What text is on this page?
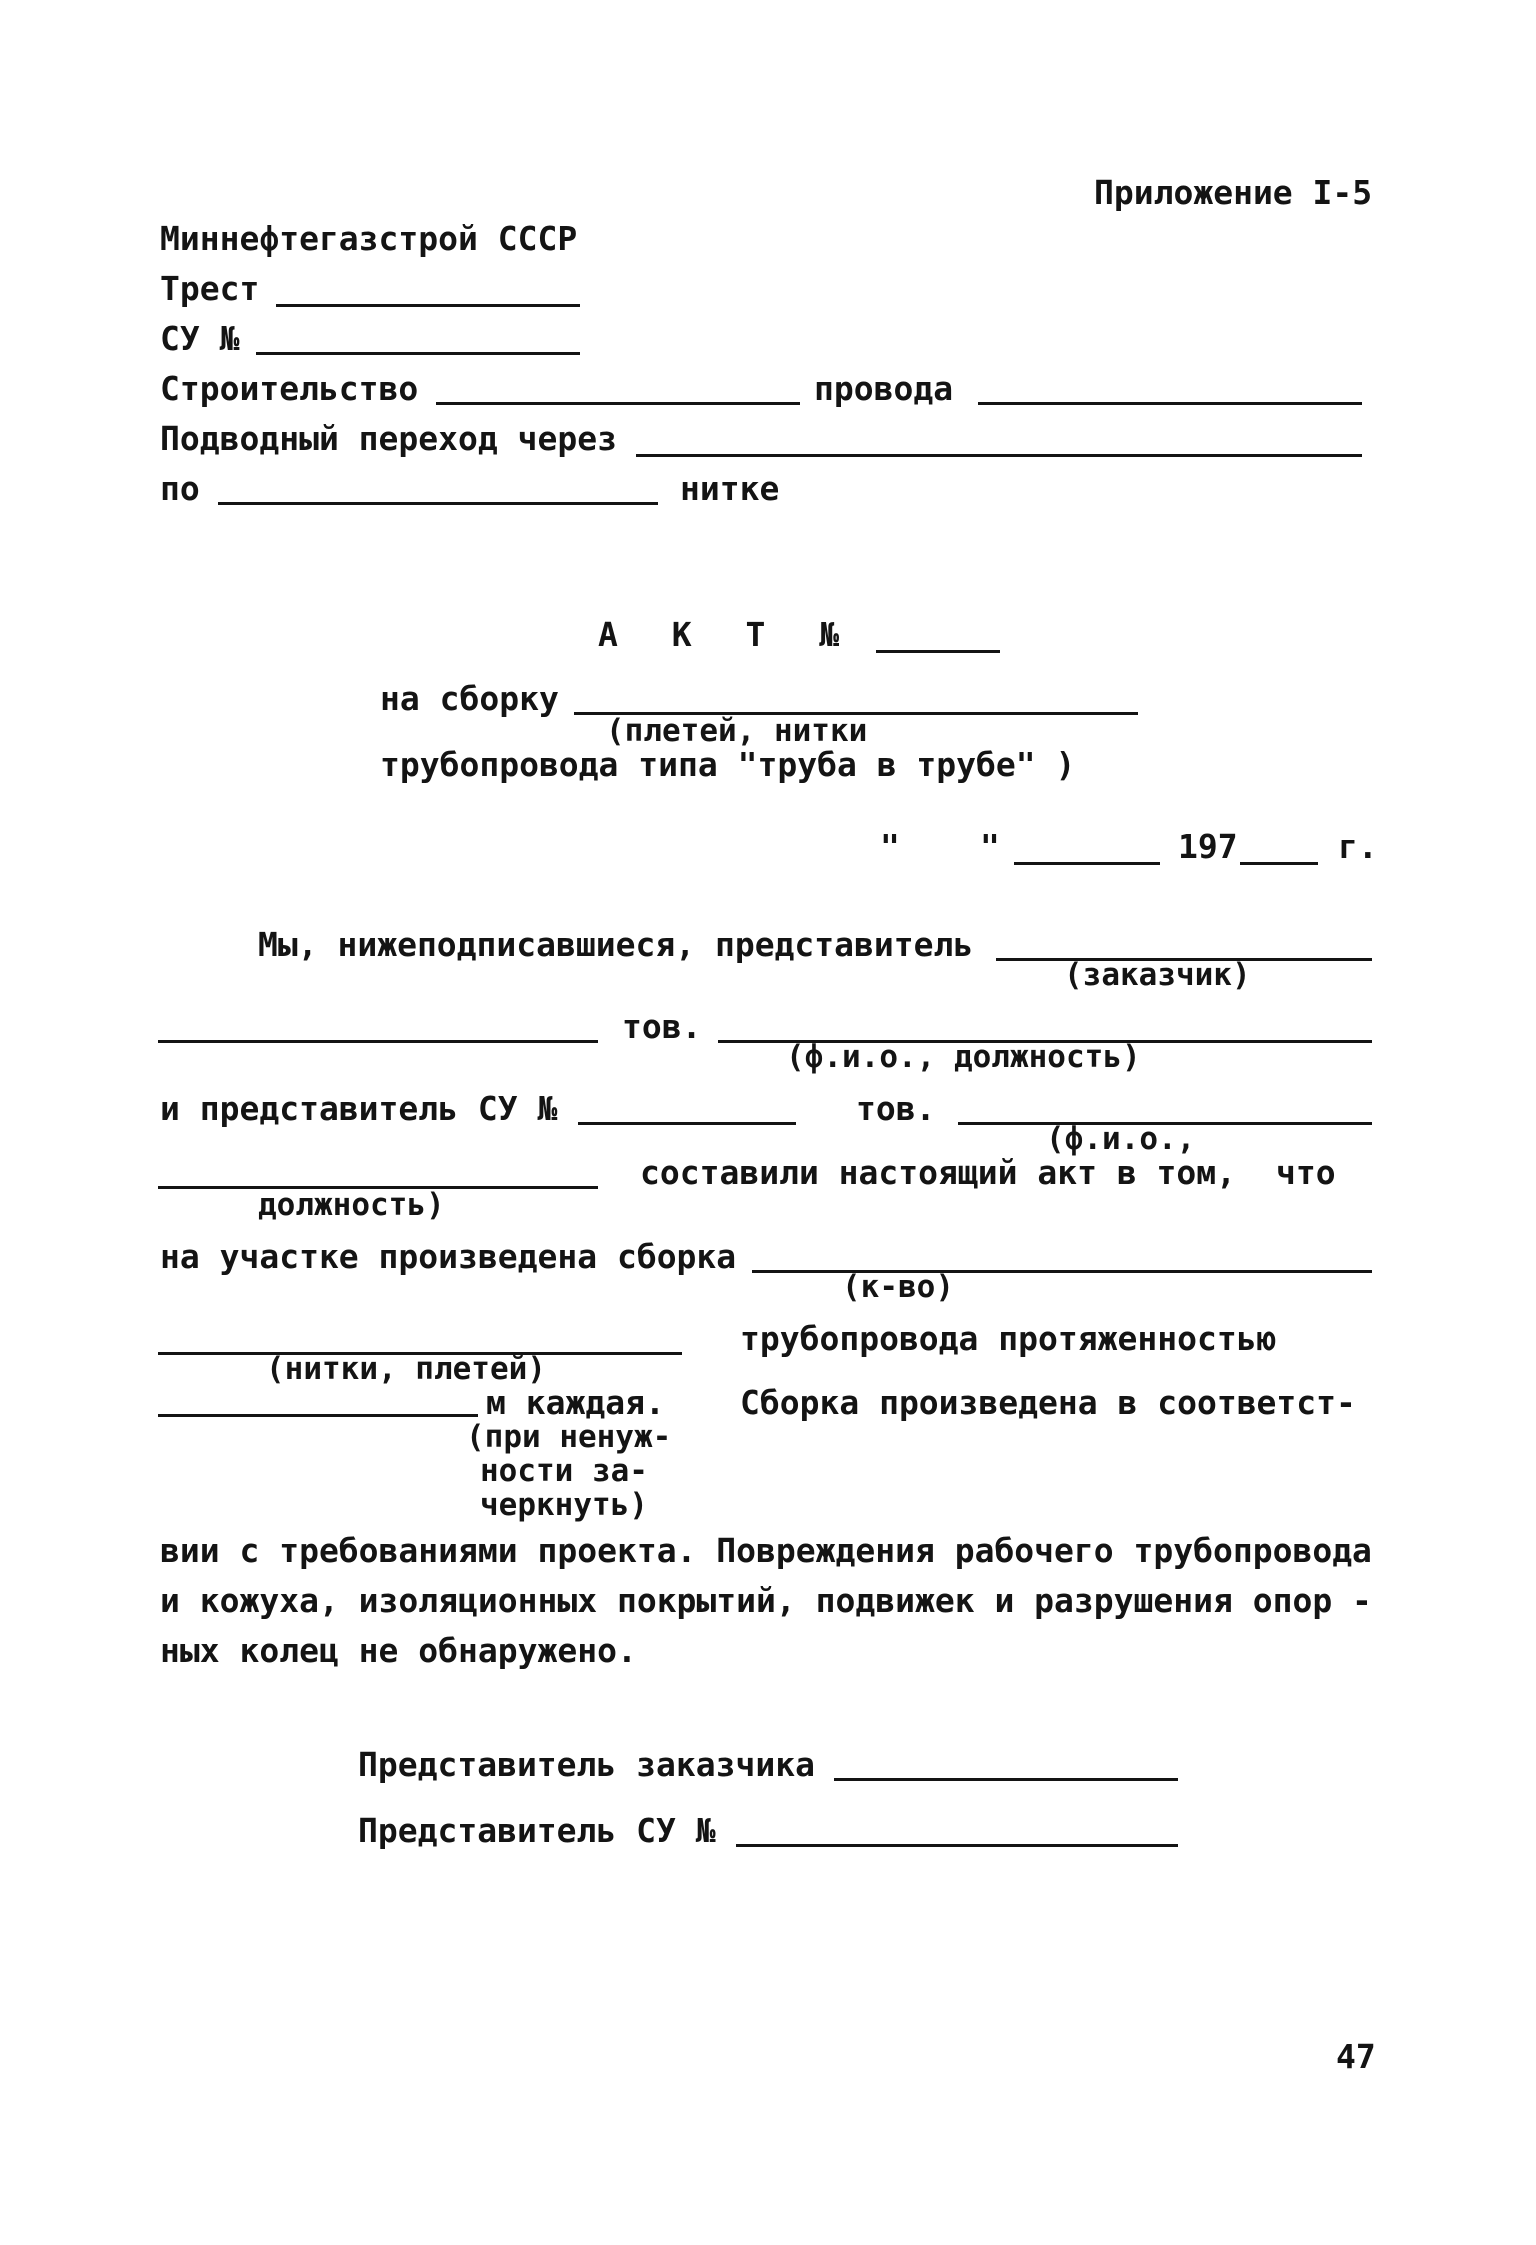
Приложение I-5
Миннефтегазстрой СССР
Трест
СУ №
Строительство	провода
Подводный переход через
по	нитке
А К Т №
на сборку
(плетей, нитки
трубопровода типа "труба в трубе" )
" "	197	г.
Мы, нижеподписавшиеся, представитель
(заказчик)
тов.
(ф.и.о., должность)
и представитель СУ №	тов.
(ф.и.о.,
составили настоящий акт в том, что
должность)
на участке произведена сборка
(к-во)
трубопровода протяженностью
(нитки, плетей)
м каждая. Сборка произведена в соответст-
(при ненуж-
ности за-
черкнуть)
вии с требованиями проекта. Повреждения рабочего трубопровода
и кожуха, изоляционных покрытий, подвижек и разрушения опор -
ных колец не обнаружено.
Представитель заказчика
Представитель СУ №
47
